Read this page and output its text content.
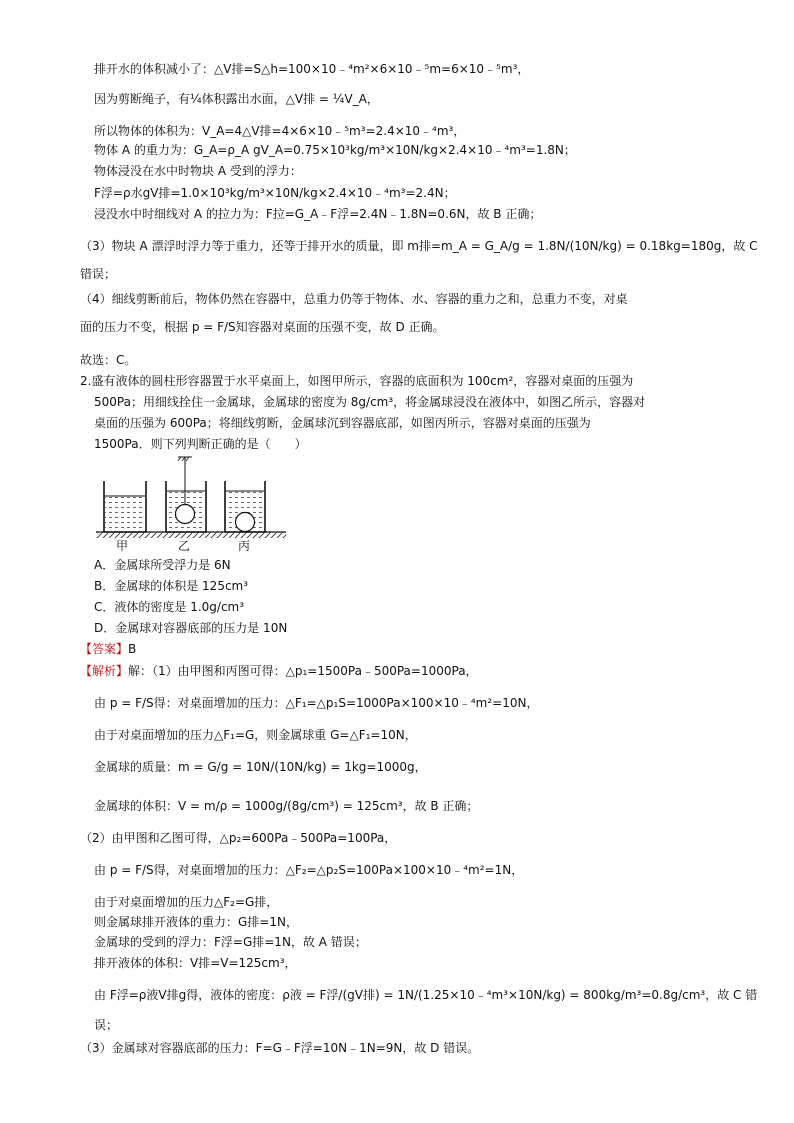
排开水的体积减小了：△V排=S△h=100×10﹣⁴m²×6×10﹣⁵m=6×10﹣⁵m³，
因为剪断绳子，有¼体积露出水面，△V排 = ¼V_A，
所以物体的体积为：V_A=4△V排=4×6×10﹣⁵m³=2.4×10﹣⁴m³，
物体 A 的重力为：G_A=ρ_A gV_A=0.75×10³kg/m³×10N/kg×2.4×10﹣⁴m³=1.8N；
物体浸没在水中时物块 A 受到的浮力：
F浮=ρ水gV排=1.0×10³kg/m³×10N/kg×2.4×10﹣⁴m³=2.4N；
浸没水中时细线对 A 的拉力为：F拉=G_A﹣F浮=2.4N﹣1.8N=0.6N，故 B 正确；
（3）物块 A 漂浮时浮力等于重力，还等于排开水的质量，即 m排=m_A = G_A/g = 1.8N/(10N/kg) = 0.18kg=180g，故 C
错误；
（4）细线剪断前后，物体仍然在容器中，总重力仍等于物体、水、容器的重力之和，总重力不变，对桌
面的压力不变，根据 p = F/S知容器对桌面的压强不变，故 D 正确。
故选：C。
2.盛有液体的圆柱形容器置于水平桌面上，如图甲所示，容器的底面积为 100cm²，容器对桌面的压强为
500Pa；用细线拴住一金属球，金属球的密度为 8g/cm³，将金属球浸没在液体中，如图乙所示，容器对
桌面的压强为 600Pa；将细线剪断，金属球沉到容器底部，如图丙所示，容器对桌面的压强为
1500Pa．则下列判断正确的是（　　）
甲	乙	丙
A．金属球所受浮力是 6N
B．金属球的体积是 125cm³
C．液体的密度是 1.0g/cm³
D．金属球对容器底部的压力是 10N
【答案】B
【解析】解：（1）由甲图和丙图可得：△p₁=1500Pa﹣500Pa=1000Pa，
由 p = F/S得：对桌面增加的压力：△F₁=△p₁S=1000Pa×100×10﹣⁴m²=10N，
由于对桌面增加的压力△F₁=G，则金属球重 G=△F₁=10N，
金属球的质量：m = G/g = 10N/(10N/kg) = 1kg=1000g，
金属球的体积：V = m/ρ = 1000g/(8g/cm³) = 125cm³，故 B 正确；
（2）由甲图和乙图可得，△p₂=600Pa﹣500Pa=100Pa，
由 p = F/S得，对桌面增加的压力：△F₂=△p₂S=100Pa×100×10﹣⁴m²=1N，
由于对桌面增加的压力△F₂=G排，
则金属球排开液体的重力：G排=1N，
金属球的受到的浮力：F浮=G排=1N，故 A 错误；
排开液体的体积：V排=V=125cm³，
由 F浮=ρ液V排g得，液体的密度：ρ液 = F浮/(gV排) = 1N/(1.25×10﹣⁴m³×10N/kg) = 800kg/m³=0.8g/cm³，故 C 错
误；
（3）金属球对容器底部的压力：F=G﹣F浮=10N﹣1N=9N，故 D 错误。
